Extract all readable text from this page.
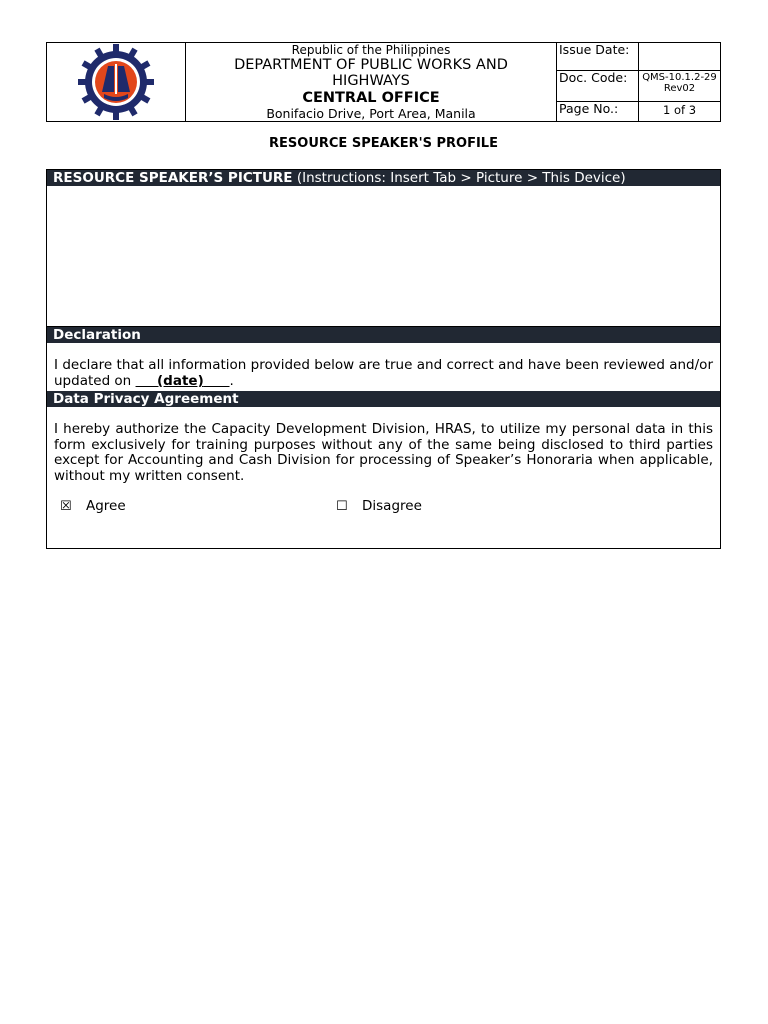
Republic of the Philippines
DEPARTMENT OF PUBLIC WORKS AND HIGHWAYS
CENTRAL OFFICE
Bonifacio Drive, Port Area, Manila
Issue Date:
Doc. Code:	QMS-10.1.2-29 Rev02
Page No.:	1 of 3
RESOURCE SPEAKER'S PROFILE
RESOURCE SPEAKER’S PICTURE (Instructions: Insert Tab > Picture > This Device)
Declaration
I declare that all information provided below are true and correct and have been reviewed and/or updated on      (date) .
Data Privacy Agreement
I hereby authorize the Capacity Development Division, HRAS, to utilize my personal data in this form exclusively for training purposes without any of the same being disclosed to third parties except for Accounting and Cash Division for processing of Speaker’s Honoraria when applicable, without my written consent.
☒	Agree	☐	Disagree
